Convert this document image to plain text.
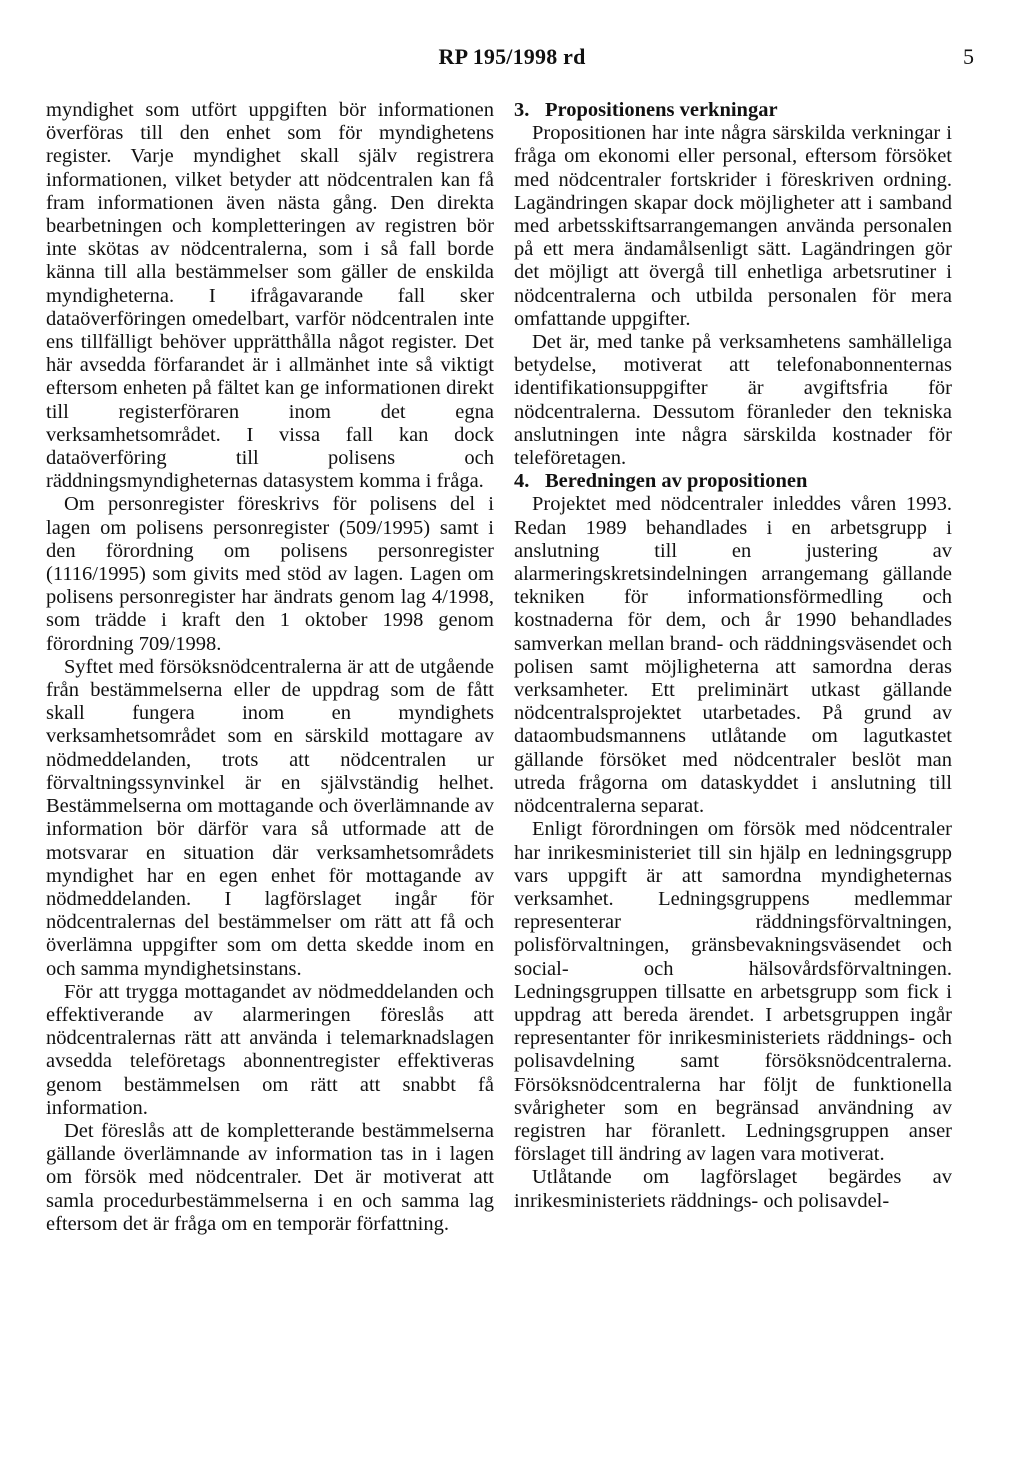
RP 195/1998 rd	5

myndighet som utfört uppgiften bör informationen överföras till den enhet som för myndighetens register. Varje myndighet skall själv registrera informationen, vilket betyder att nödcentralen kan få fram informationen även nästa gång. Den direkta bearbetningen och kompletteringen av registren bör inte skötas av nödcentralerna, som i så fall borde känna till alla bestämmelser som gäller de enskilda myndigheterna. I ifrågavarande fall sker dataöverföringen omedelbart, varför nödcentralen inte ens tillfälligt behöver upprätthålla något register. Det här avsedda förfarandet är i allmänhet inte så viktigt eftersom enheten på fältet kan ge informationen direkt till registerföraren inom det egna verksamhetsområdet. I vissa fall kan dock dataöverföring till polisens och räddningsmyndigheternas datasystem komma i fråga.

Om personregister föreskrivs för polisens del i lagen om polisens personregister (509/1995) samt i den förordning om polisens personregister (1116/1995) som givits med stöd av lagen. Lagen om polisens personregister har ändrats genom lag 4/1998, som trädde i kraft den 1 oktober 1998 genom förordning 709/1998.

Syftet med försöksnödcentralerna är att de utgående från bestämmelserna eller de uppdrag som de fått skall fungera inom en myndighets verksamhetsområdet som en särskild mottagare av nödmeddelanden, trots att nödcentralen ur förvaltningssynvinkel är en självständig helhet. Bestämmelserna om mottagande och överlämnande av information bör därför vara så utformade att de motsvarar en situation där verksamhetsområdets myndighet har en egen enhet för mottagande av nödmeddelanden. I lagförslaget ingår för nödcentralernas del bestämmelser om rätt att få och överlämna uppgifter som om detta skedde inom en och samma myndighetsinstans.

För att trygga mottagandet av nödmeddelanden och effektiverande av alarmeringen föreslås att nödcentralernas rätt att använda i telemarknadslagen avsedda teleföretags abonnentregister effektiveras genom bestämmelsen om rätt att snabbt få information.

Det föreslås att de kompletterande bestämmelserna gällande överlämnande av information tas in i lagen om försök med nödcentraler. Det är motiverat att samla procedurbestämmelserna i en och samma lag eftersom det är fråga om en temporär författning.

3. Propositionens verkningar

Propositionen har inte några särskilda verkningar i fråga om ekonomi eller personal, eftersom försöket med nödcentraler fortskrider i föreskriven ordning. Lagändringen skapar dock möjligheter att i samband med arbetsskiftsarrangemangen använda personalen på ett mera ändamålsenligt sätt. Lagändringen gör det möjligt att övergå till enhetliga arbetsrutiner i nödcentralerna och utbilda personalen för mera omfattande uppgifter.

Det är, med tanke på verksamhetens samhälleliga betydelse, motiverat att telefonabonnenternas identifikationsuppgifter är avgiftsfria för nödcentralerna. Dessutom föranleder den tekniska anslutningen inte några särskilda kostnader för teleföretagen.

4. Beredningen av propositionen

Projektet med nödcentraler inleddes våren 1993. Redan 1989 behandlades i en arbetsgrupp i anslutning till en justering av alarmeringskretsindelningen arrangemang gällande tekniken för informationsförmedling och kostnaderna för dem, och år 1990 behandlades samverkan mellan brand- och räddningsväsendet och polisen samt möjligheterna att samordna deras verksamheter. Ett preliminärt utkast gällande nödcentralsprojektet utarbetades. På grund av dataombudsmannens utlåtande om lagutkastet gällande försöket med nödcentraler beslöt man utreda frågorna om dataskyddet i anslutning till nödcentralerna separat.

Enligt förordningen om försök med nödcentraler har inrikesministeriet till sin hjälp en ledningsgrupp vars uppgift är att samordna myndigheternas verksamhet. Ledningsgruppens medlemmar representerar räddningsförvaltningen, polisförvaltningen, gränsbevakningsväsendet och social- och hälsovårdsförvaltningen. Ledningsgruppen tillsatte en arbetsgrupp som fick i uppdrag att bereda ärendet. I arbetsgruppen ingår representanter för inrikesministeriets räddnings- och polisavdelning samt försöksnödcentralerna. Försöksnödcentralerna har följt de funktionella svårigheter som en begränsad användning av registren har föranlett. Ledningsgruppen anser förslaget till ändring av lagen vara motiverat.

Utlåtande om lagförslaget begärdes av inrikesministeriets räddnings- och polisavdel-
